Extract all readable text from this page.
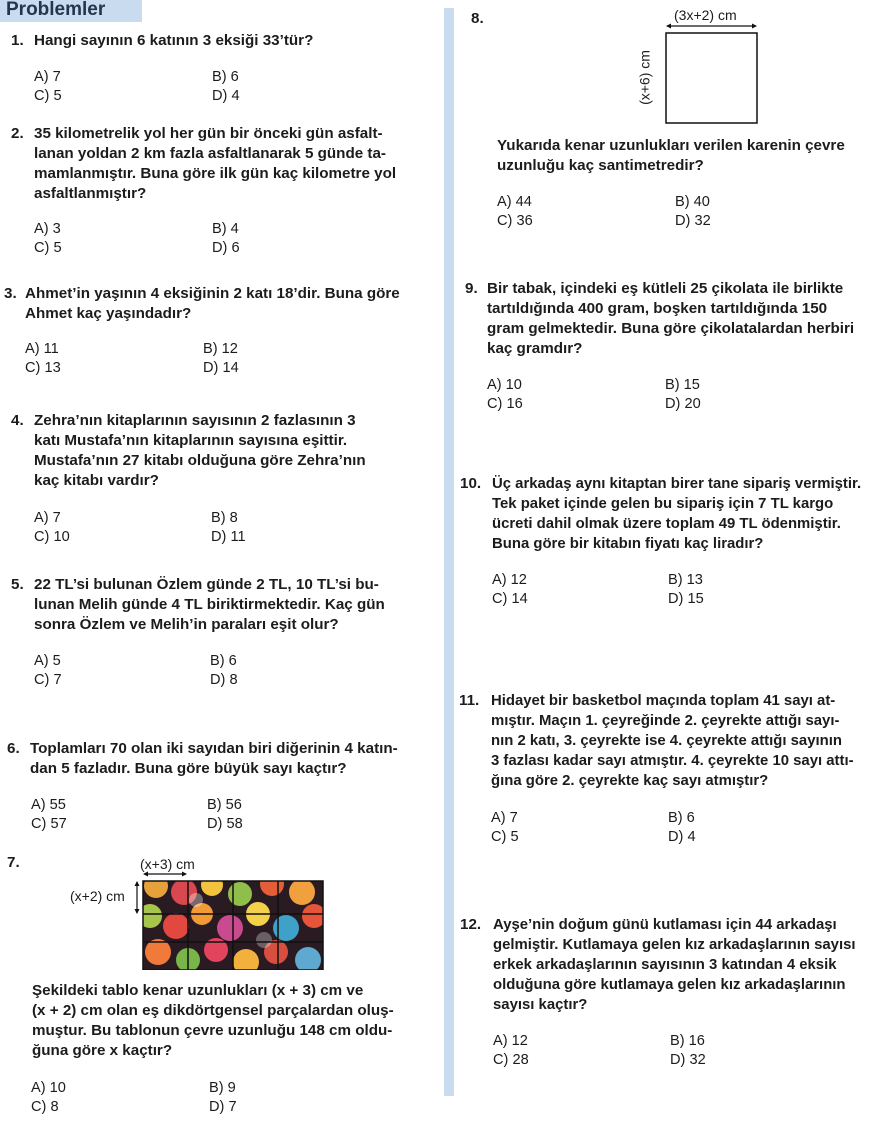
Problemler
1. Hangi sayının 6 katının 3 eksiği 33’tür?
A) 7	B) 6
C) 5	D) 4
2. 35 kilometrelik yol her gün bir önceki gün asfalt-
lanan yoldan 2 km fazla asfaltlanarak 5 günde ta-
mamlanmıştır. Buna göre ilk gün kaç kilometre yol
asfaltlanmıştır?
A) 3	B) 4
C) 5	D) 6
3. Ahmet’in yaşının 4 eksiğinin 2 katı 18’dir. Buna göre
Ahmet kaç yaşındadır?
A) 11	B) 12
C) 13	D) 14
4. Zehra’nın kitaplarının sayısının 2 fazlasının 3
katı Mustafa’nın kitaplarının sayısına eşittir.
Mustafa’nın 27 kitabı olduğuna göre Zehra’nın
kaç kitabı vardır?
A) 7	B) 8
C) 10	D) 11
5. 22 TL’si bulunan Özlem günde 2 TL, 10 TL’si bu-
lunan Melih günde 4 TL biriktirmektedir. Kaç gün
sonra Özlem ve Melih’in paraları eşit olur?
A) 5	B) 6
C) 7	D) 8
6. Toplamları 70 olan iki sayıdan biri diğerinin 4 katın-
dan 5 fazladır. Buna göre büyük sayı kaçtır?
A) 55	B) 56
C) 57	D) 58
7.	(x+3) cm
(x+2) cm
Şekildeki tablo kenar uzunlukları (x + 3) cm ve
(x + 2) cm olan eş dikdörtgensel parçalardan oluş-
muştur. Bu tablonun çevre uzunluğu 148 cm oldu-
ğuna göre x kaçtır?
A) 10	B) 9
C) 8	D) 7
8.	(3x+2) cm
(x+6) cm
Yukarıda kenar uzunlukları verilen karenin çevre
uzunluğu kaç santimetredir?
A) 44	B) 40
C) 36	D) 32
9. Bir tabak, içindeki eş kütleli 25 çikolata ile birlikte
tartıldığında 400 gram, boşken tartıldığında 150
gram gelmektedir. Buna göre çikolatalardan herbiri
kaç gramdır?
A) 10	B) 15
C) 16	D) 20
10. Üç arkadaş aynı kitaptan birer tane sipariş vermiştir.
Tek paket içinde gelen bu sipariş için 7 TL kargo
ücreti dahil olmak üzere toplam 49 TL ödenmiştir.
Buna göre bir kitabın fiyatı kaç liradır?
A) 12	B) 13
C) 14	D) 15
11. Hidayet bir basketbol maçında toplam 41 sayı at-
mıştır. Maçın 1. çeyreğinde 2. çeyrekte attığı sayı-
nın 2 katı, 3. çeyrekte ise 4. çeyrekte attığı sayının
3 fazlası kadar sayı atmıştır. 4. çeyrekte 10 sayı attı-
ğına göre 2. çeyrekte kaç sayı atmıştır?
A) 7	B) 6
C) 5	D) 4
12. Ayşe’nin doğum günü kutlaması için 44 arkadaşı
gelmiştir. Kutlamaya gelen kız arkadaşlarının sayısı
erkek arkadaşlarının sayısının 3 katından 4 eksik
olduğuna göre kutlamaya gelen kız arkadaşlarının
sayısı kaçtır?
A) 12	B) 16
C) 28	D) 32
